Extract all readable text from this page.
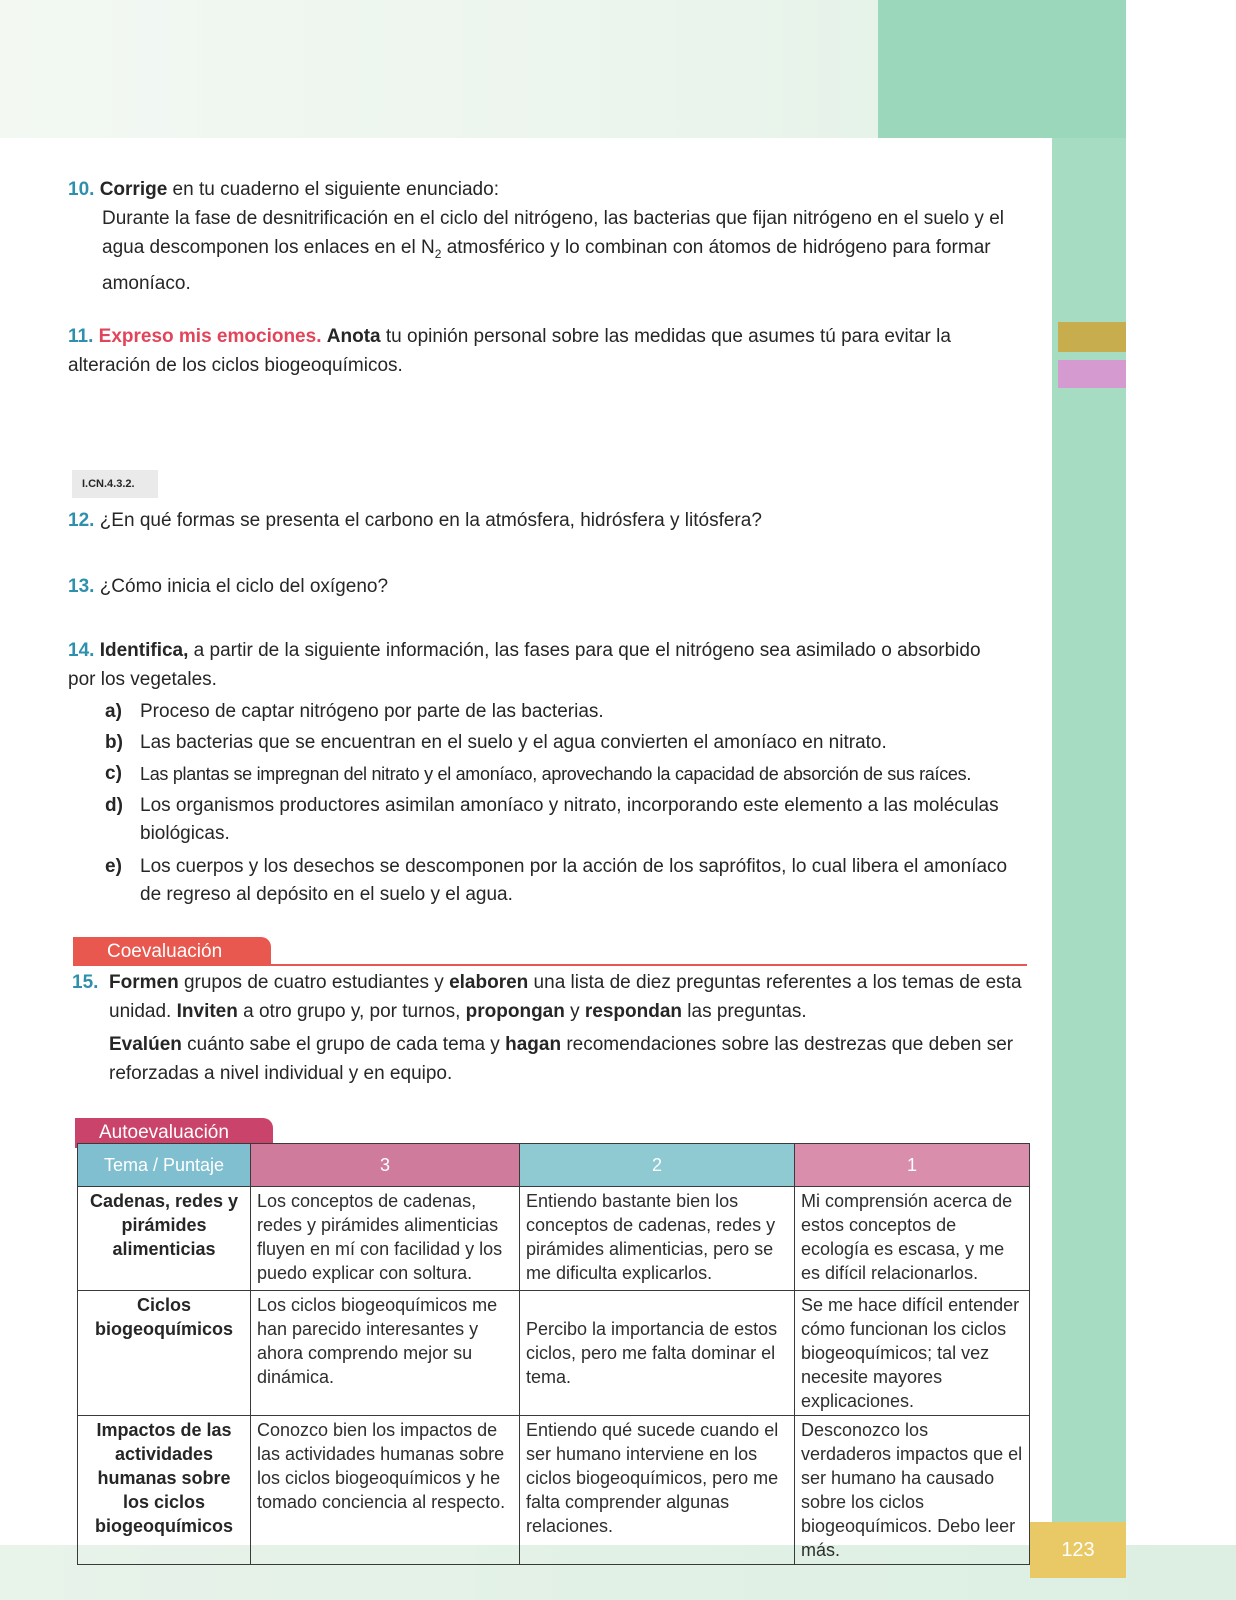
10. Corrige en tu cuaderno el siguiente enunciado:
Durante la fase de desnitrificación en el ciclo del nitrógeno, las bacterias que fijan nitrógeno en el suelo y el agua descomponen los enlaces en el $N_2$ atmosférico y lo combinan con átomos de hidrógeno para formar amoníaco.
11. Expreso mis emociones. Anota tu opinión personal sobre las medidas que asumes tú para evitar la alteración de los ciclos biogeoquímicos.
I.CN.4.3.2.
12. ¿En qué formas se presenta el carbono en la atmósfera, hidrósfera y litósfera?
13. ¿Cómo inicia el ciclo del oxígeno?
14. Identifica, a partir de la siguiente información, las fases para que el nitrógeno sea asimilado o absorbido por los vegetales.
a) Proceso de captar nitrógeno por parte de las bacterias.
b) Las bacterias que se encuentran en el suelo y el agua convierten el amoníaco en nitrato.
c) Las plantas se impregnan del nitrato y el amoníaco, aprovechando la capacidad de absorción de sus raíces.
d) Los organismos productores asimilan amoníaco y nitrato, incorporando este elemento a las moléculas biológicas.
e) Los cuerpos y los desechos se descomponen por la acción de los saprófitos, lo cual libera el amoníaco de regreso al depósito en el suelo y el agua.
Coevaluación
15. Formen grupos de cuatro estudiantes y elaboren una lista de diez preguntas referentes a los temas de esta unidad. Inviten a otro grupo y, por turnos, propongan y respondan las preguntas.
Evalúen cuánto sabe el grupo de cada tema y hagan recomendaciones sobre las destrezas que deben ser reforzadas a nivel individual y en equipo.
Autoevaluación
Tema / Puntaje	3	2	1
Cadenas, redes y pirámides alimenticias	Los conceptos de cadenas, redes y pirámides alimenticias fluyen en mí con facilidad y los puedo explicar con soltura.	Entiendo bastante bien los conceptos de cadenas, redes y pirámides alimenticias, pero se me dificulta explicarlos.	Mi comprensión acerca de estos conceptos de ecología es escasa, y me es difícil relacionarlos.
Ciclos biogeoquímicos	Los ciclos biogeoquímicos me han parecido interesantes y ahora comprendo mejor su dinámica.	Percibo la importancia de estos ciclos, pero me falta dominar el tema.	Se me hace difícil entender cómo funcionan los ciclos biogeoquímicos; tal vez necesite mayores explicaciones.
Impactos de las actividades humanas sobre los ciclos biogeoquímicos	Conozco bien los impactos de las actividades humanas sobre los ciclos biogeoquímicos y he tomado conciencia al respecto.	Entiendo qué sucede cuando el ser humano interviene en los ciclos biogeoquímicos, pero me falta comprender algunas relaciones.	Desconozco los verdaderos impactos que el ser humano ha causado sobre los ciclos biogeoquímicos. Debo leer más.	123
